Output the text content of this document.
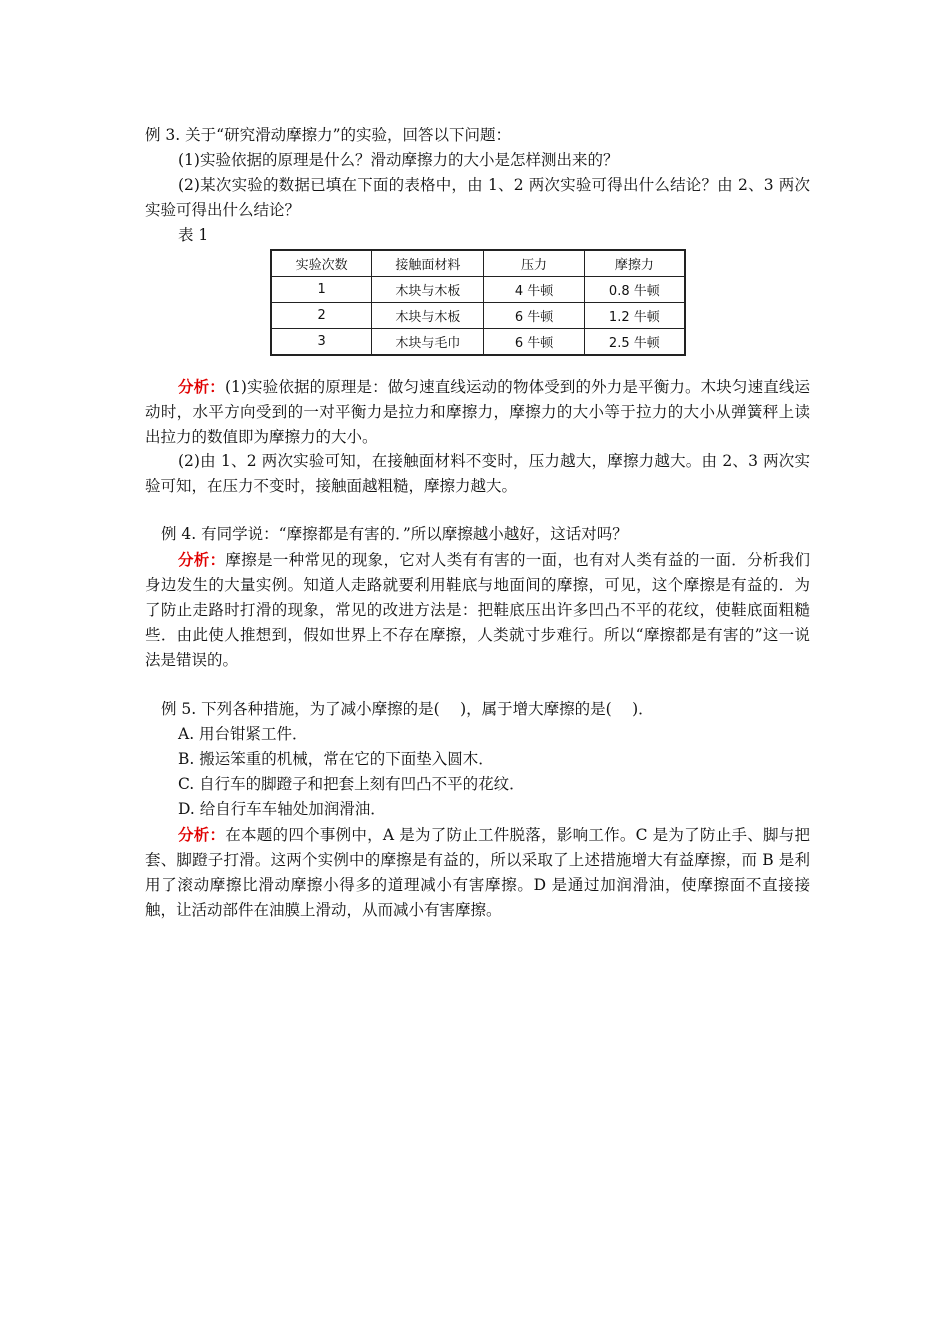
例 3. 关于“研究滑动摩擦力”的实验，回答以下问题：

(1)实验依据的原理是什么？滑动摩擦力的大小是怎样测出来的？

(2)某次实验的数据已填在下面的表格中，由 1、2 两次实验可得出什么结论？由 2、3 两次实验可得出什么结论？

表 1

实验次数	接触面材料	压力	摩擦力
1	木块与木板	4 牛顿	0.8 牛顿
2	木块与木板	6 牛顿	1.2 牛顿
3	木块与毛巾	6 牛顿	2.5 牛顿

分析：(1)实验依据的原理是：做匀速直线运动的物体受到的外力是平衡力。木块匀速直线运动时，水平方向受到的一对平衡力是拉力和摩擦力，摩擦力的大小等于拉力的大小从弹簧秤上读出拉力的数值即为摩擦力的大小。

(2)由 1、2 两次实验可知，在接触面材料不变时，压力越大，摩擦力越大。由 2、3 两次实验可知，在压力不变时，接触面越粗糙，摩擦力越大。

例 4. 有同学说：“摩擦都是有害的．”所以摩擦越小越好，这话对吗？

分析：摩擦是一种常见的现象，它对人类有有害的一面，也有对人类有益的一面．分析我们身边发生的大量实例。知道人走路就要利用鞋底与地面间的摩擦，可见，这个摩擦是有益的．为了防止走路时打滑的现象，常见的改进方法是：把鞋底压出许多凹凸不平的花纹，使鞋底面粗糙些．由此使人推想到，假如世界上不存在摩擦，人类就寸步难行。所以“摩擦都是有害的”这一说法是错误的。

例 5. 下列各种措施，为了减小摩擦的是(　 )，属于增大摩擦的是(　 )．

A. 用台钳紧工件．

B. 搬运笨重的机械，常在它的下面垫入圆木．

C. 自行车的脚蹬子和把套上刻有凹凸不平的花纹．

D. 给自行车车轴处加润滑油．

分析：在本题的四个事例中，A 是为了防止工件脱落，影响工作。C 是为了防止手、脚与把套、脚蹬子打滑。这两个实例中的摩擦是有益的，所以采取了上述措施增大有益摩擦，而 B 是利用了滚动摩擦比滑动摩擦小得多的道理减小有害摩擦。D 是通过加润滑油，使摩擦面不直接接触，让活动部件在油膜上滑动，从而减小有害摩擦。
